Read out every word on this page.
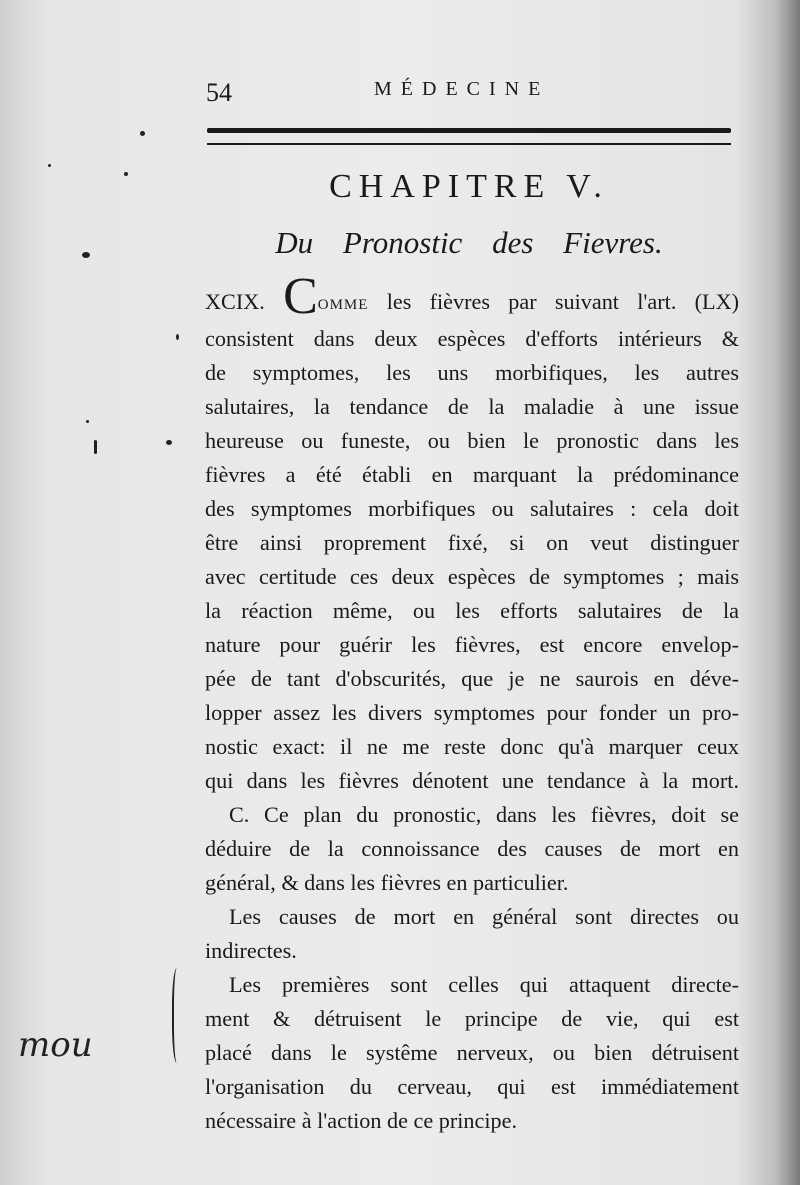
54	MÉDECINE
CHAPITRE V.
Du Pronostic des Fievres.
XCIX. COMME les fièvres par suivant l'art. (LX)
consistent dans deux espèces d'efforts intérieurs &
de symptomes, les uns morbifiques, les autres
salutaires, la tendance de la maladie à une issue
heureuse ou funeste, ou bien le pronostic dans les
fièvres a été établi en marquant la prédominance
des symptomes morbifiques ou salutaires : cela doit
être ainsi proprement fixé, si on veut distinguer
avec certitude ces deux espèces de symptomes ; mais
la réaction même, ou les efforts salutaires de la
nature pour guérir les fièvres, est encore envelop-
pée de tant d'obscurités, que je ne saurois en déve-
lopper assez les divers symptomes pour fonder un pro-
nostic exact: il ne me reste donc qu'à marquer ceux
qui dans les fièvres dénotent une tendance à la mort.
C. Ce plan du pronostic, dans les fièvres, doit se
déduire de la connoissance des causes de mort en
général, & dans les fièvres en particulier.
Les causes de mort en général sont directes ou
indirectes.
Les premières sont celles qui attaquent directe-
ment & détruisent le principe de vie, qui est
placé dans le systême nerveux, ou bien détruisent
l'organisation du cerveau, qui est immédiatement
nécessaire à l'action de ce principe.
mou
